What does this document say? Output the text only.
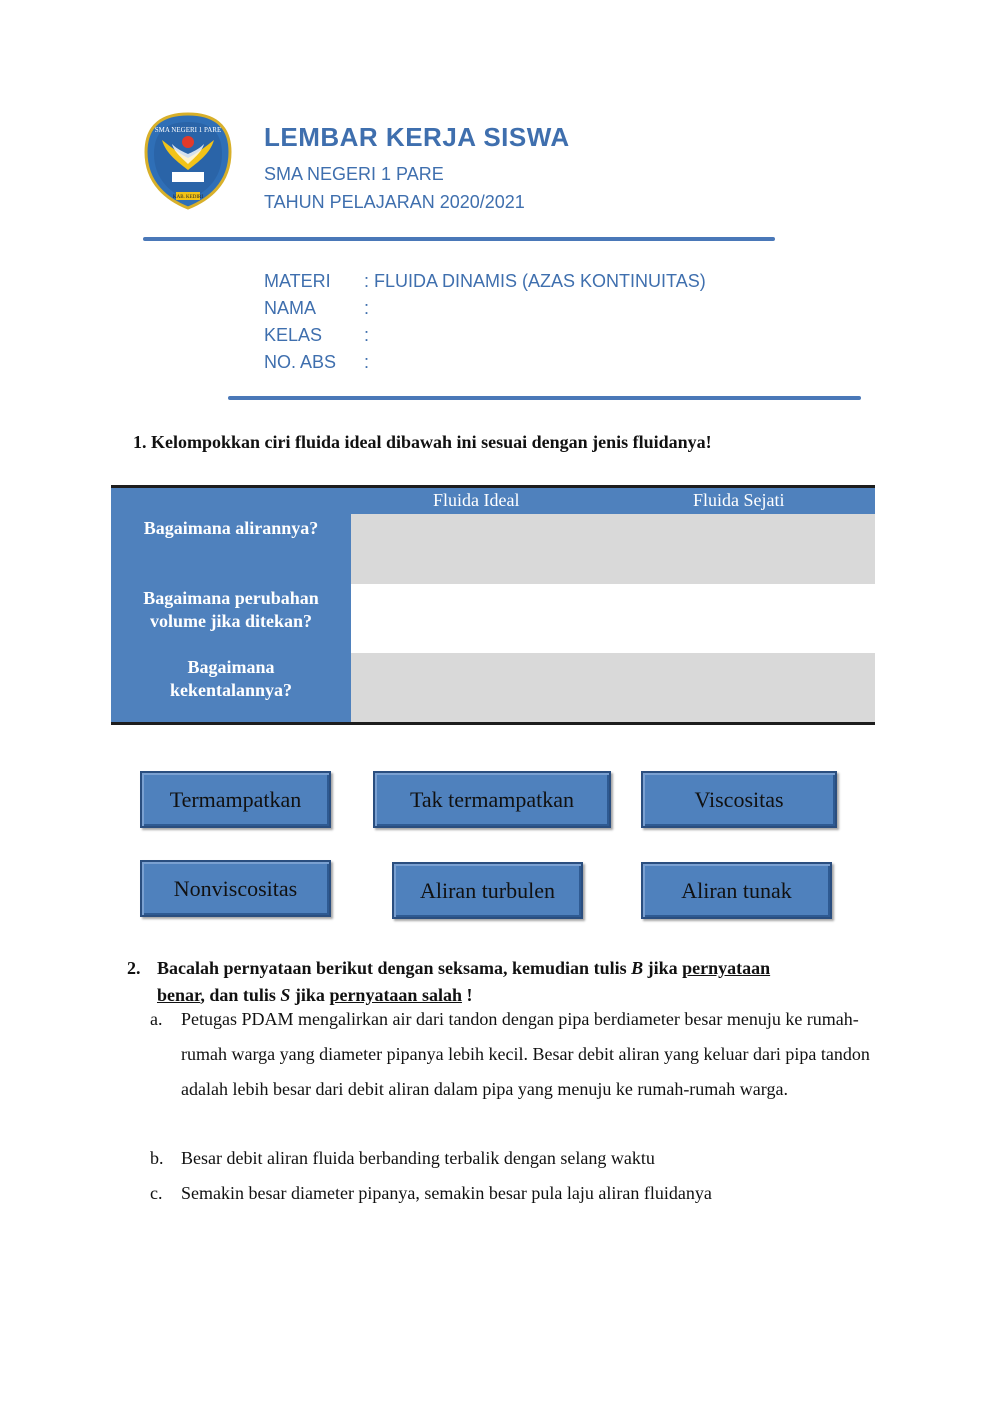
SMA NEGERI 1 PARE
KAB. KEDIRI
LEMBAR KERJA SISWA
SMA NEGERI 1 PARE
TAHUN PELAJARAN 2020/2021
MATERI	: FLUIDA DINAMIS (AZAS KONTINUITAS)
NAMA	:
KELAS	:
NO. ABS	:
1. Kelompokkan ciri fluida ideal dibawah ini sesuai dengan jenis fluidanya!
Fluida Ideal	Fluida Sejati
Bagaimana alirannya?
Bagaimana perubahan
volume jika ditekan?
Bagaimana
kekentalannya?
Termampatkan	Tak termampatkan	Viscositas
Nonviscositas	Aliran turbulen	Aliran tunak
2. Bacalah pernyataan berikut dengan seksama, kemudian tulis B jika pernyataan
benar, dan tulis S jika pernyataan salah !
a. Petugas PDAM mengalirkan air dari tandon dengan pipa berdiameter besar menuju ke rumah-rumah warga yang diameter pipanya lebih kecil. Besar debit aliran yang keluar dari pipa tandon adalah lebih besar dari debit aliran dalam pipa yang menuju ke rumah-rumah warga.
b. Besar debit aliran fluida berbanding terbalik dengan selang waktu
c. Semakin besar diameter pipanya, semakin besar pula laju aliran fluidanya
